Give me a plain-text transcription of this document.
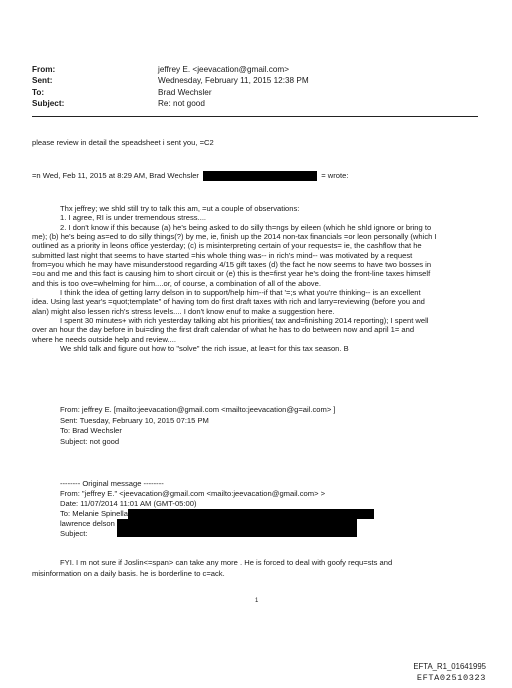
From:	jeffrey E. <jeevacation@gmail.com>
Sent:	Wednesday, February 11, 2015 12:38 PM
To:	Brad Wechsler
Subject:	Re: not good
please review in detail the speadsheet i sent you, =C2
=n Wed, Feb 11, 2015 at 8:29 AM, Brad Wechsler	= wrote:
Thx jeffrey; we shld still try to talk this am, =ut a couple of observations:
1. I agree, RI is under tremendous stress....
2. I don't know if this because (a) he's being asked to do silly th=ngs by eileen (which he shld ignore or bring to
me); (b) he's being as=ed to do silly things(?) by me, ie, finish up the 2014 non-tax financials =or leon personally (which I
outlined as a priority in leons office yesterday; (c) is misinterpreting certain of your requests= ie, the cashflow that he
submitted last night that seems to have started =his whole thing was-- in rich's mind-- was motivated by a request
from=you which he may have misunderstood regarding 4/15 gift taxes (d) the fact he now seems to have two bosses in
=ou and me and this fact is causing him to short circuit or (e) this is the=first year he's doing the front-line taxes himself
and this is too ove=whelming for him....or, of course, a combination of all of the above.
I think the idea of getting larry delson in to support/help him--if that '=;s what you're thinking-- is an excellent
idea. Using last year's =quot;template" of having tom do first draft taxes with rich and larry=reviewing (before you and
alan) might also lessen rich's stress levels.... I don't know enuf to make a suggestion here.
I spent 30 minutes+ with rich yesterday talking abt his priorities( tax and=finishing 2014 reporting); I spent well
over an hour the day before in bui=ding the first draft calendar of what he has to do between now and april 1= and
where he needs outside help and review....
We shld talk and figure out how to "solve" the rich issue, at lea=t for this tax season. B
From: jeffrey E. [mailto:jeevacation@gmail.com <mailto:jeevacation@g=ail.com> ]
Sent: Tuesday, February 10, 2015 07:15 PM
To: Brad Wechsler
Subject: not good
-------- Original message --------
From: "jeffrey E." <jeevacation@gmail.com <mailto:jeevacation@gmail.com> >
Date: 11/07/2014 11:01 AM (GMT-05:00)
To: Melanie Spinella
lawrence delson
Subject:
FYI. I m not sure if Joslin<=span> can take any more . He is forced to deal with goofy requ=sts and
misinformation on a daily basis. he is borderline to c=ack.
1
EFTA_R1_01641995
EFTA02510323
